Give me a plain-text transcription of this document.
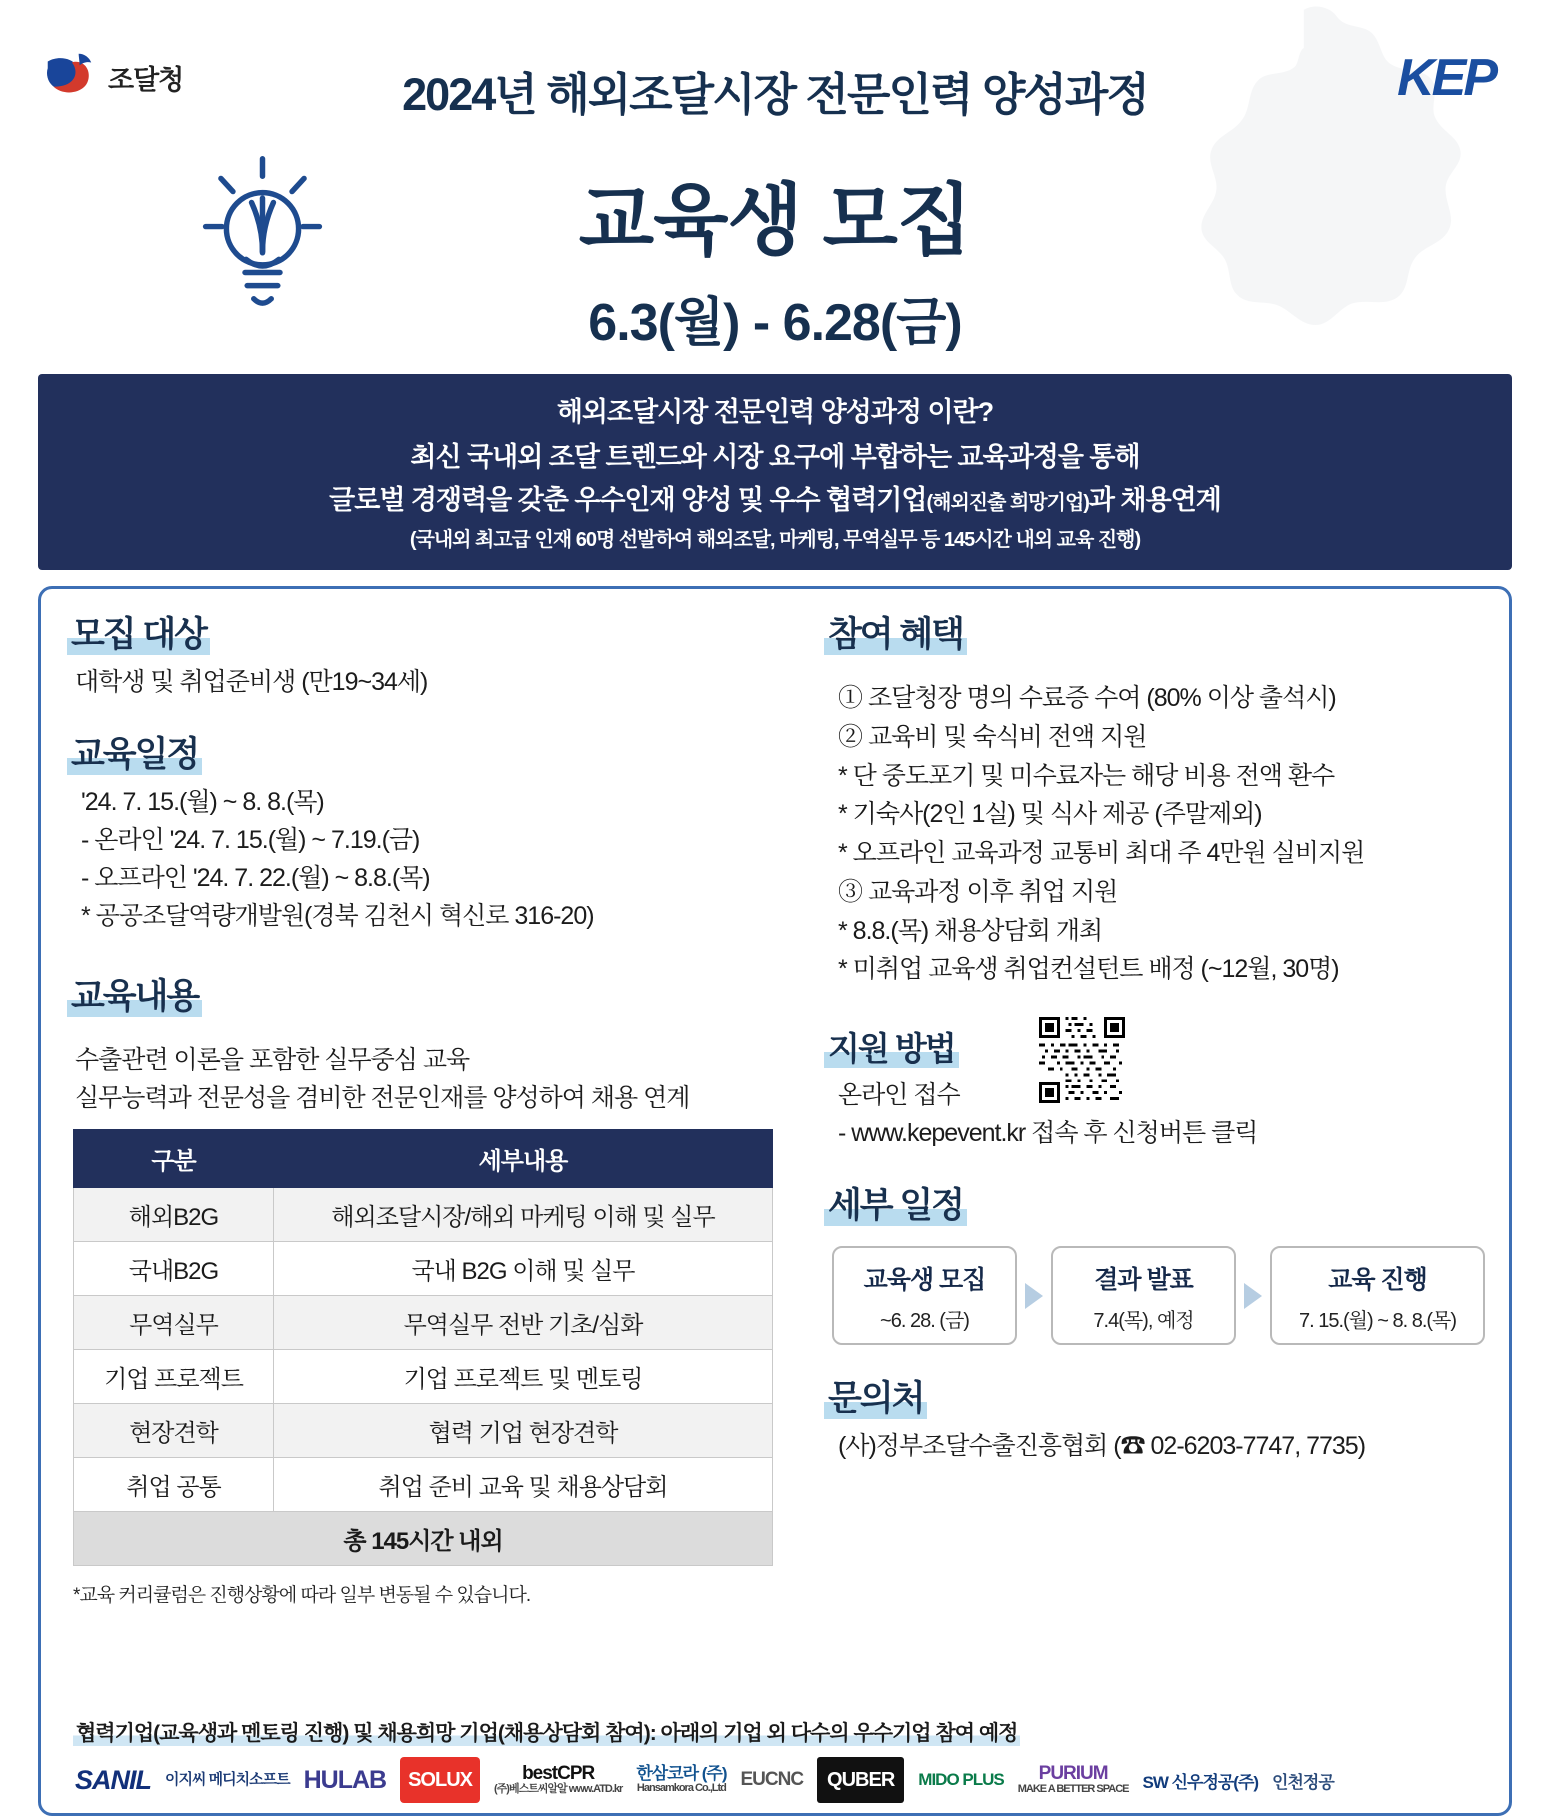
조달청	KEP
2024년 해외조달시장 전문인력 양성과정
교육생 모집
6.3(월) - 6.28(금)
해외조달시장 전문인력 양성과정 이란?
최신 국내외 조달 트렌드와 시장 요구에 부합하는 교육과정을 통해
글로벌 경쟁력을 갖춘 우수인재 양성 및 우수 협력기업(해외진출 희망기업)과 채용연계
(국내외 최고급 인재 60명 선발하여 해외조달, 마케팅, 무역실무 등 145시간 내외 교육 진행)
모집 대상
대학생 및 취업준비생 (만19~34세)
교육일정
'24. 7. 15.(월) ~ 8. 8.(목)
- 온라인 '24. 7. 15.(월) ~ 7.19.(금)
- 오프라인 '24. 7. 22.(월) ~ 8.8.(목)
* 공공조달역량개발원(경북 김천시 혁신로 316-20)
교육내용
수출관련 이론을 포함한 실무중심 교육
실무능력과 전문성을 겸비한 전문인재를 양성하여 채용 연계
구분	세부내용
해외B2G	해외조달시장/해외 마케팅 이해 및 실무
국내B2G	국내 B2G 이해 및 실무
무역실무	무역실무 전반 기초/심화
기업 프로젝트	기업 프로젝트 및 멘토링
현장견학	협력 기업 현장견학
취업 공통	취업 준비 교육 및 채용상담회
총 145시간 내외	
*교육 커리큘럼은 진행상황에 따라 일부 변동될 수 있습니다.
참여 혜택
① 조달청장 명의 수료증 수여 (80% 이상 출석시)
② 교육비 및 숙식비 전액 지원
* 단 중도포기 및 미수료자는 해당 비용 전액 환수
* 기숙사(2인 1실) 및 식사 제공 (주말제외)
* 오프라인 교육과정 교통비 최대 주 4만원 실비지원
③ 교육과정 이후 취업 지원
* 8.8.(목) 채용상담회 개최
* 미취업 교육생 취업컨설턴트 배정 (~12월, 30명)
지원 방법
온라인 접수
- www.kepevent.kr 접속 후 신청버튼 클릭
세부 일정
교육생 모집
~6. 28. (금)
결과 발표
7.4(목), 예정
교육 진행
7. 15.(월) ~ 8. 8.(목)
문의처
(사)정부조달수출진흥협회 (☎ 02-6203-7747, 7735)
협력기업(교육생과 멘토링 진행) 및 채용희망 기업(채용상담회 참여): 아래의 기업 외 다수의 우수기업 참여 예정
SANIL 이지씨 메디치소프트 HULAB	SOLUX	bestCPR
(주)베스트씨알알 www.ATD.kr
한삼코라 (주)
Hansamkora Co.,Ltd EUCNC	QUBER	MIDO PLUS PURIUM
MAKE A BETTER SPACE SW 신우정공(주) 인천정공
